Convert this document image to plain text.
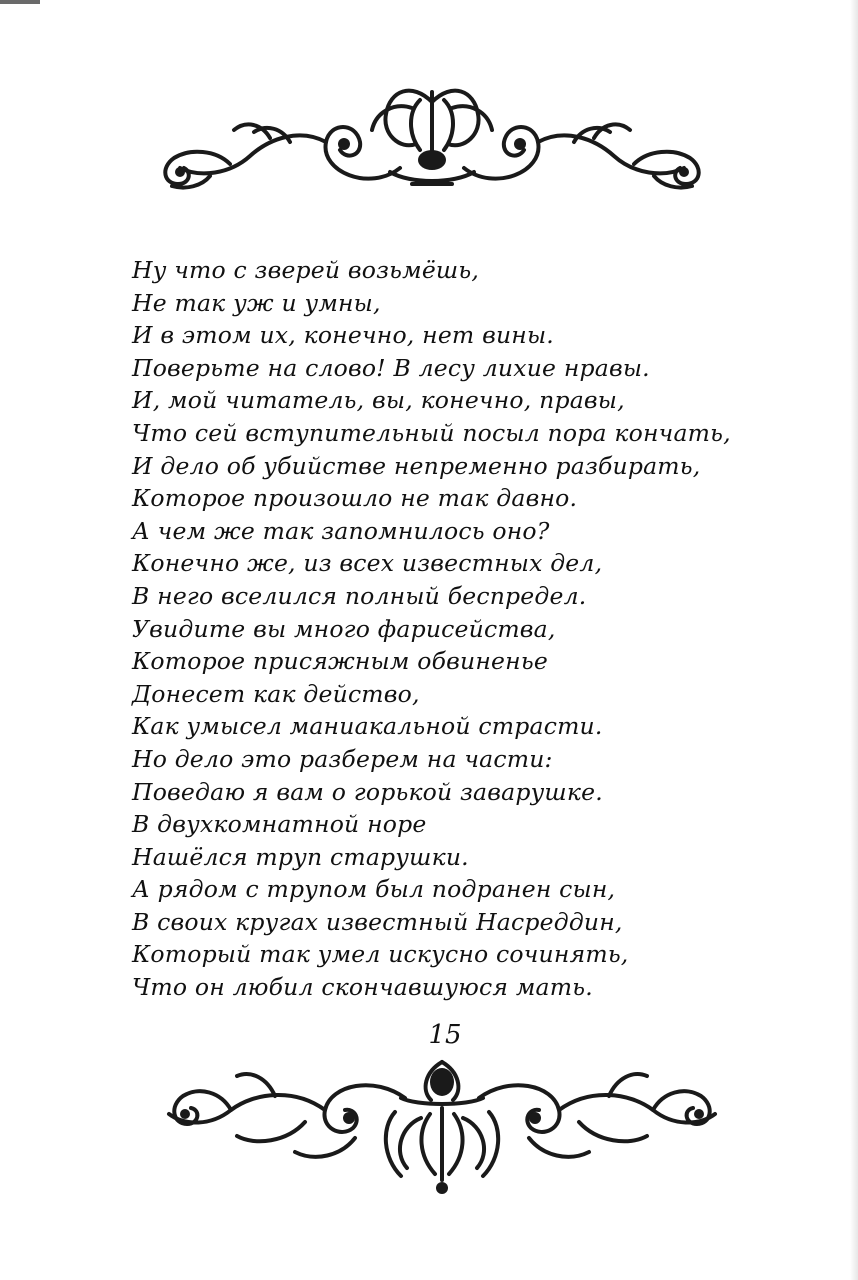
Ну что с зверей возьмёшь,
Не так уж и умны,
И в этом их, конечно, нет вины.
Поверьте на слово! В лесу лихие нравы.
И, мой читатель, вы, конечно, правы,
Что сей вступительный посыл пора кончать,
И дело об убийстве непременно разбирать,
Которое произошло не так давно.
А чем же так запомнилось оно?
Конечно же, из всех известных дел,
В него вселился полный беспредел.
Увидите вы много фарисейства,
Которое присяжным обвиненье
Донесет как действо,
Как умысел маниакальной страсти.
Но дело это разберем на части:
Поведаю я вам о горькой заварушке.
В двухкомнатной норе
Нашёлся труп старушки.
А рядом с трупом был подранен сын,
В своих кругах известный Насреддин,
Который так умел искусно сочинять,
Что он любил скончавшуюся мать.
15
